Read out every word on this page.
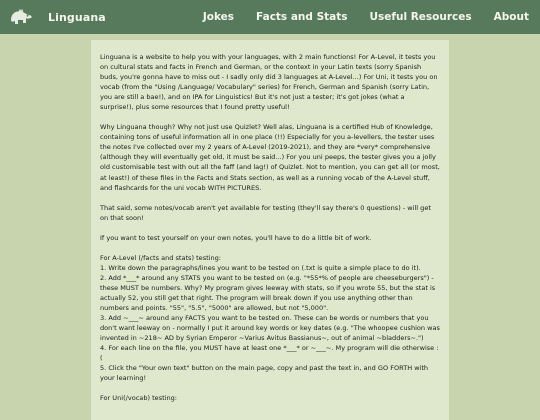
Linguana	Jokes	Facts and Stats	Useful Resources	About

Linguana is a website to help you with your languages, with 2 main functions! For A-Level, it tests you on cultural stats and facts in French and German, or the context in your Latin texts (sorry Spanish buds, you're gonna have to miss out - I sadly only did 3 languages at A-Level...) For Uni, it tests you on vocab (from the "Using /Language/ Vocabulary" series) for French, German and Spanish (sorry Latin, you are still a bae!), and on IPA for Linguistics! But it's not just a tester; it's got jokes (what a surprise!), plus some resources that I found pretty useful!

Why Linguana though? Why not just use Quizlet? Well alas, Linguana is a certified Hub of Knowledge, containing tons of useful information all in one place (!!) Especially for you a-levellers, the tester uses the notes I've collected over my 2 years of A-Level (2019-2021), and they are *very* comprehensive (although they will eventually get old, it must be said...) For you uni peeps, the tester gives you a jolly old customisable test with out all the faff (and lag!) of Quizlet. Not to mention, you can get all (or most, at least!) of these files in the Facts and Stats section, as well as a running vocab of the A-Level stuff, and flashcards for the uni vocab WITH PICTURES.

That said, some notes/vocab aren't yet available for testing (they'll say there's 0 questions) - will get on that soon!

If you want to test yourself on your own notes, you'll have to do a little bit of work.

For A-Level (/facts and stats) testing:

1. Write down the paragraphs/lines you want to be tested on (.txt is quite a simple place to do it).

2. Add *___* around any STATS you want to be tested on (e.g. "*55*% of people are cheeseburgers") - these MUST be numbers. Why? My program gives leeway with stats, so if you wrote 55, but the stat is actually 52, you still get that right. The program will break down if you use anything other than numbers and points. "55", "5.5", "5000" are allowed, but not "5,000".

3. Add ~___~ around any FACTS you want to be tested on. These can be words or numbers that you don't want leeway on - normally I put it around key words or key dates (e.g. "The whoopee cushion was invented in ~218~ AD by Syrian Emperor ~Varius Avitus Bassianus~, out of animal ~bladders~.")

4. For each line on the file, you MUST have at least one *___* or ~___~. My program will die otherwise :(

5. Click the "Your own text" button on the main page, copy and past the text in, and GO FORTH with your learning!

For Uni(/vocab) testing:
